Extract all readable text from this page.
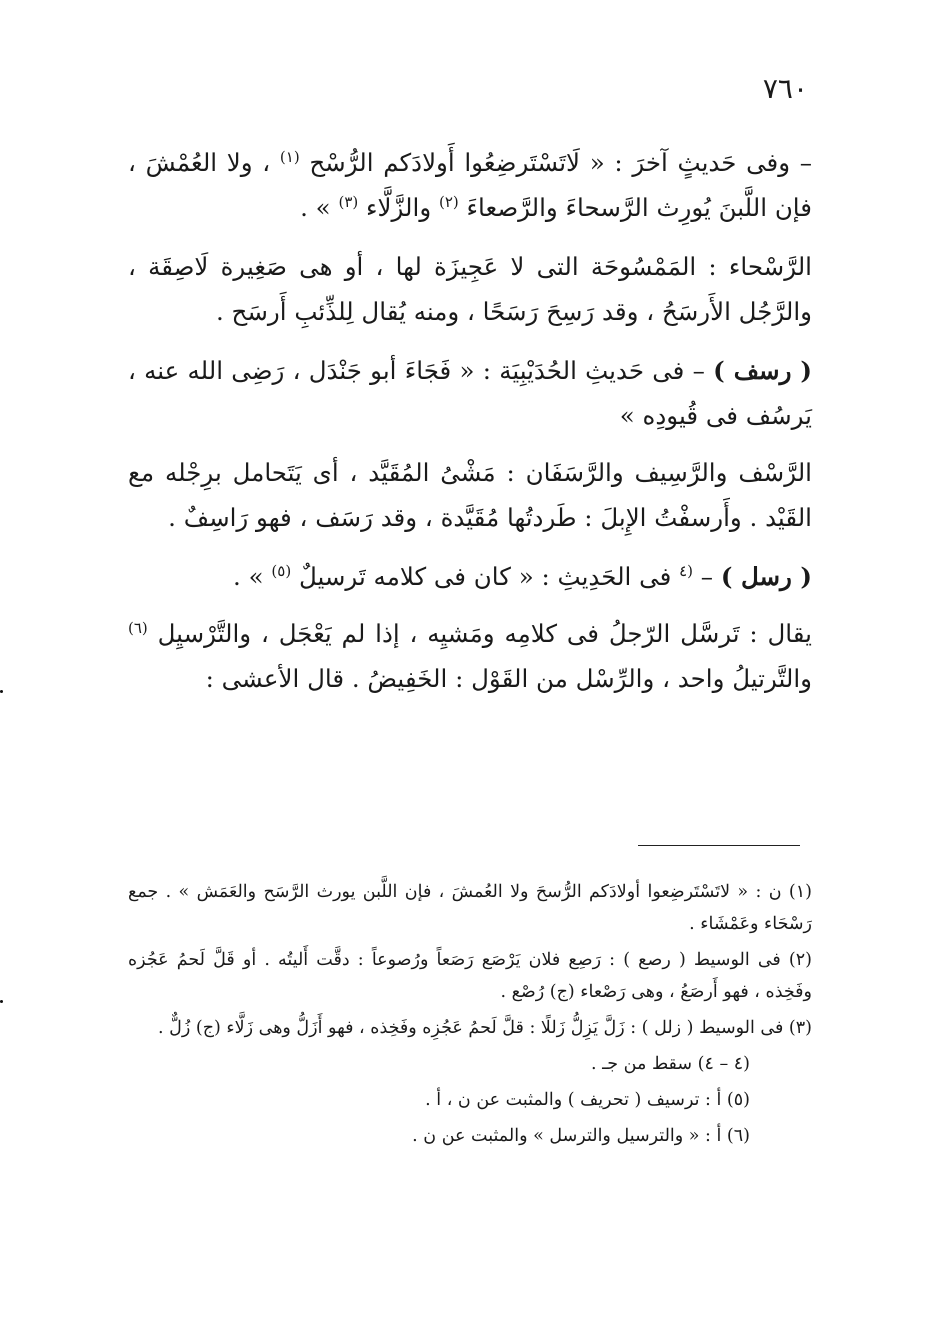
٧٦٠

– وفى حَديثٍ آخرَ : « لَاتَسْتَرضِعُوا أَولادَكم الرُّسْح $^{(١)}$ ، ولا العُمْشَ ، فإن اللَّبنَ يُورِث الرَّسحاءَ والرَّصعاءَ $^{(٢)}$ والزَّلَّاء $^{(٣)}$ » .

الرَّسْحاء : المَمْسُوحَة التى لا عَجِيزَة لها ، أو هى صَغِيرة لَاصِقَة ، والرَّجُل الأَرسَحُ ، وقد رَسِحَ رَسَحًا ، ومنه يُقال لِلذِّئبِ أَرسَح .

( رسف ) – فى حَديثِ الحُدَيْبِيَة : « فَجَاءَ أبو جَنْدَل ، رَضِى الله عنه ، يَرسُف فى قُيودِه »

الرَّسْف والرَّسِيف والرَّسَفَان : مَشْىُ المُقَيَّد ، أى يَتَحامل برِجْله مع القَيْد . وأَرسفْتُ الإِبلَ : طَردتُها مُقَيَّدة ، وقد رَسَف ، فهو رَاسِفٌ .

( رسل ) – $^{(٤}$ فى الحَدِيثِ : « كان فى كلامه تَرسيلٌ $^{(٥)}$ » .

يقال : تَرسَّل الرّجلُ فى كلامِه ومَشيِه ، إذا لم يَعْجَل ، والتَّرْسيِل $^{(٦)}$ والتَّرتيلُ واحد ، والرِّسْل من القَوْل : الخَفِيضُ . قال الأعشى :

(١) ن : « لاتَسْتَرضِعوا أولادَكم الرُّسحَ ولا العُمشَ ، فإن اللَّبن يورث الرَّسَح والعَمَش » . جمع رَسْحَاء وعَمْشَاء .

(٢) فى الوسيط ( رصع ) : رَصِع فلان يَرْصَع رَصَعاً ورُصوعاً : دقَّت أَليتُه . أو قَلَّ لَحمُ عَجُزه وفَخِذه ، فهو أَرصَعُ ، وهى رَصْعاء (ج) رُصْع .

(٣) فى الوسيط ( زلل ) : زَلَّ يَزِلُّ زَللًا : قلَّ لَحمُ عَجُزِه وفَخِذه ، فهو أَزَلُّ وهى زَلَّاء (ج) زُلٌّ .

(٤ – ٤) سقط من جـ .

(٥) أ : ترسيف ( تحريف ) والمثبت عن ن ، أ .

(٦) أ : « والترسيل والترسل » والمثبت عن ن .
